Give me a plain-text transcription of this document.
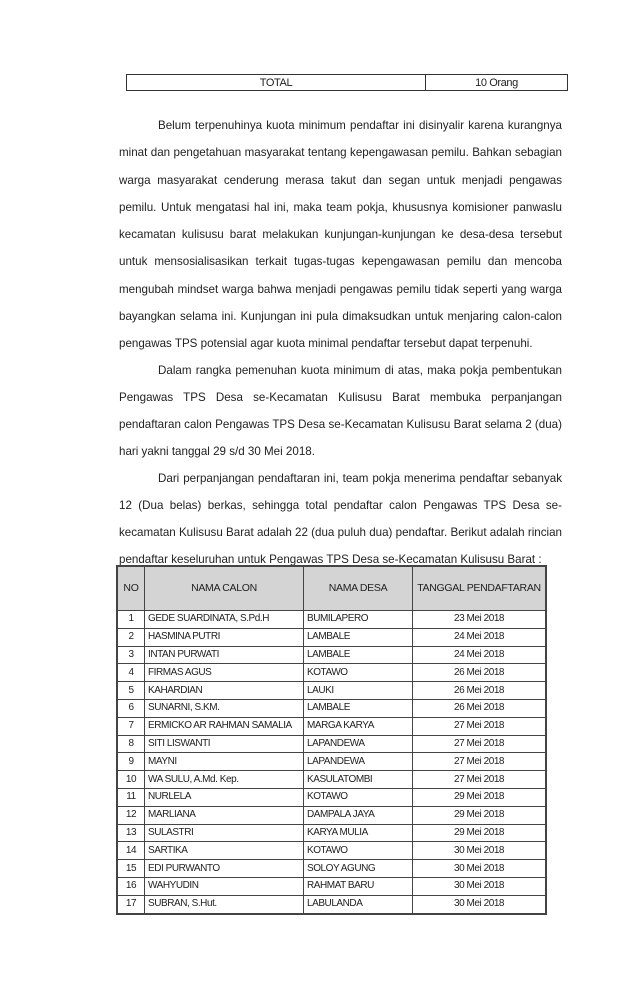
TOTAL	10 Orang
Belum terpenuhinya kuota minimum pendaftar ini disinyalir karena kurangnya
minat dan pengetahuan masyarakat tentang kepengawasan pemilu. Bahkan sebagian
warga masyarakat cenderung merasa takut dan segan untuk menjadi pengawas
pemilu. Untuk mengatasi hal ini, maka team pokja, khususnya komisioner panwaslu
kecamatan kulisusu barat melakukan kunjungan-kunjungan ke desa-desa tersebut
untuk mensosialisasikan terkait tugas-tugas kepengawasan pemilu dan mencoba
mengubah mindset warga bahwa menjadi pengawas pemilu tidak seperti yang warga
bayangkan selama ini. Kunjungan ini pula dimaksudkan untuk menjaring calon-calon
pengawas TPS potensial agar kuota minimal pendaftar tersebut dapat terpenuhi.
Dalam rangka pemenuhan kuota minimum di atas, maka pokja pembentukan
Pengawas TPS Desa se-Kecamatan Kulisusu Barat membuka perpanjangan
pendaftaran calon Pengawas TPS Desa se-Kecamatan Kulisusu Barat selama 2 (dua)
hari yakni tanggal 29 s/d 30 Mei 2018.
Dari perpanjangan pendaftaran ini, team pokja menerima pendaftar sebanyak
12 (Dua belas) berkas, sehingga total pendaftar calon Pengawas TPS Desa se-
kecamatan Kulisusu Barat adalah 22 (dua puluh dua) pendaftar. Berikut adalah rincian
pendaftar keseluruhan untuk Pengawas TPS Desa se-Kecamatan Kulisusu Barat :
NO	NAMA CALON	NAMA DESA	TANGGAL PENDAFTARAN
1	GEDE SUARDINATA, S.Pd.H	BUMILAPERO	23 Mei 2018
2	HASMINA PUTRI	LAMBALE	24 Mei 2018
3	INTAN PURWATI	LAMBALE	24 Mei 2018
4	FIRMAS AGUS	KOTAWO	26 Mei 2018
5	KAHARDIAN	LAUKI	26 Mei 2018
6	SUNARNI, S.KM.	LAMBALE	26 Mei 2018
7	ERMICKO AR RAHMAN SAMALIA	MARGA KARYA	27 Mei 2018
8	SITI LISWANTI	LAPANDEWA	27 Mei 2018
9	MAYNI	LAPANDEWA	27 Mei 2018
10	WA SULU, A.Md. Kep.	KASULATOMBI	27 Mei 2018
11	NURLELA	KOTAWO	29 Mei 2018
12	MARLIANA	DAMPALA JAYA	29 Mei 2018
13	SULASTRI	KARYA MULIA	29 Mei 2018
14	SARTIKA	KOTAWO	30 Mei 2018
15	EDI PURWANTO	SOLOY AGUNG	30 Mei 2018
16	WAHYUDIN	RAHMAT BARU	30 Mei 2018
17	SUBRAN, S.Hut.	LABULANDA	30 Mei 2018
